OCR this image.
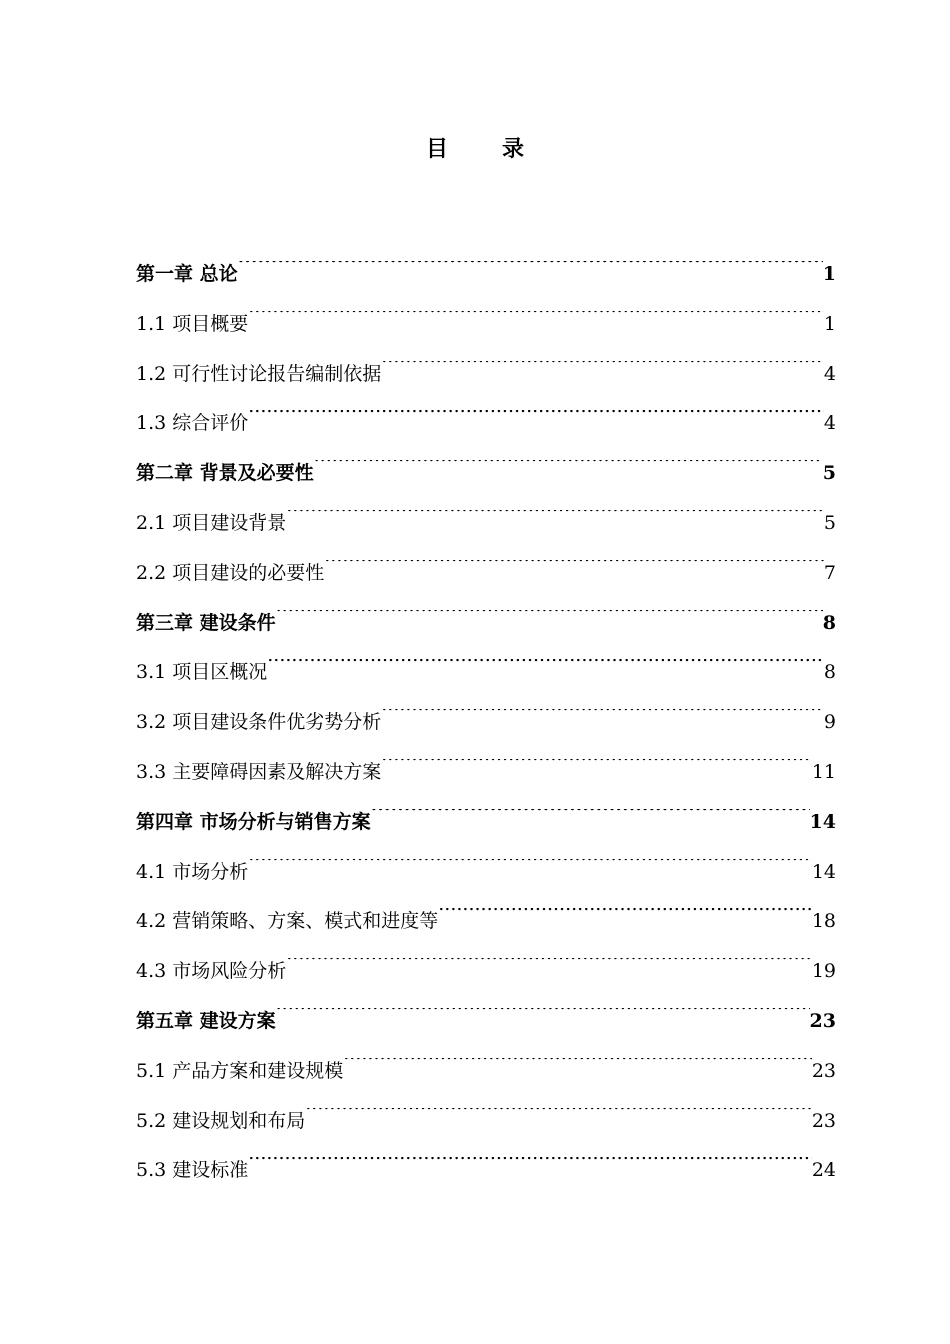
目　录
第一章 总论 .....	1
1.1 项目概要 .....	1
1.2 可行性讨论报告编制依据 .....	4
1.3 综合评价 .....	4
第二章 背景及必要性 .....	5
2.1 项目建设背景 .....	5
2.2 项目建设的必要性 .....	7
第三章 建设条件 .....	8
3.1 项目区概况 .....	8
3.2 项目建设条件优劣势分析 .....	9
3.3 主要障碍因素及解决方案 .....	11
第四章 市场分析与销售方案 .....	14
4.1 市场分析 .....	14
4.2 营销策略、方案、模式和进度等 .....	18
4.3 市场风险分析 .....	19
第五章 建设方案 .....	23
5.1 产品方案和建设规模 .....	23
5.2 建设规划和布局 .....	23
5.3 建设标准 .....	24
